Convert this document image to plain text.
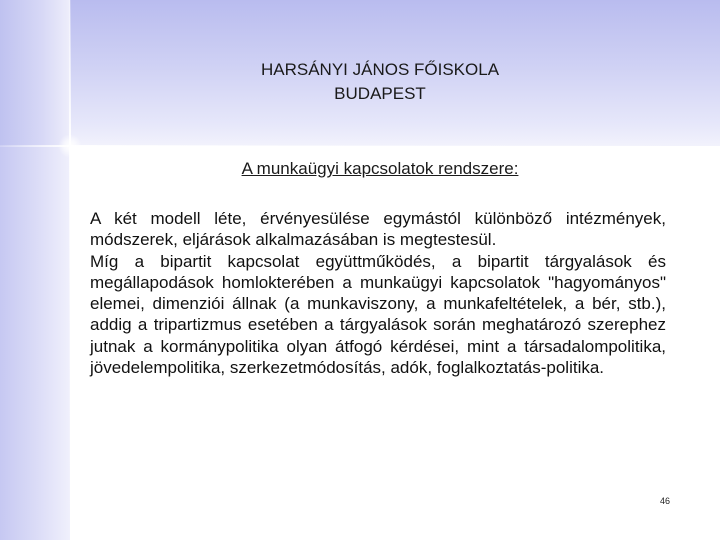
HARSÁNYI JÁNOS FŐISKOLA
BUDAPEST
A munkaügyi kapcsolatok rendszere:

A két modell léte, érvényesülése egymástól különböző intézmények, módszerek, eljárások alkalmazásában is megtestesül.

Míg a bipartit kapcsolat együttműködés, a bipartit tárgyalások és megállapodások homlokterében a munkaügyi kapcsolatok "hagyományos" elemei, dimenziói állnak (a munkaviszony, a munkafeltételek, a bér, stb.), addig a tripartizmus esetében a tárgyalások során meghatározó szerephez jutnak a kormánypolitika olyan átfogó kérdései, mint a társadalompolitika, jövedelempolitika, szerkezetmódosítás, adók, foglalkoztatás-politika.

46
